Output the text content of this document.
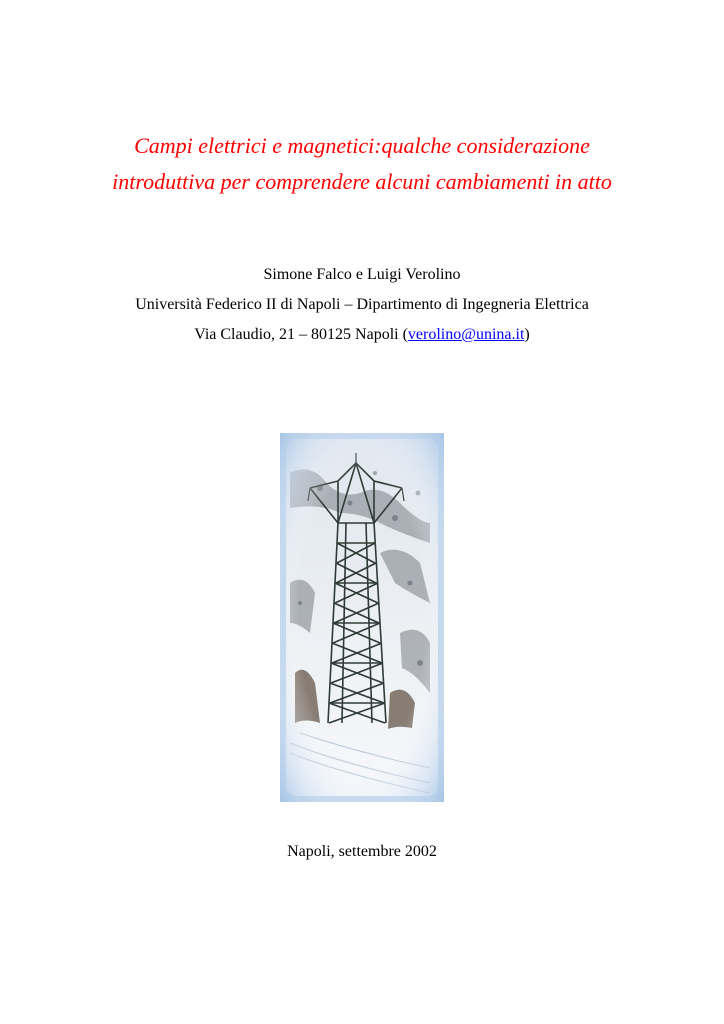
Campi elettrici e magnetici:qualche considerazione
introduttiva per comprendere alcuni cambiamenti in atto
Simone Falco e Luigi Verolino
Università Federico II di Napoli – Dipartimento di Ingegneria Elettrica
Via Claudio, 21 – 80125 Napoli (verolino@unina.it)
Napoli, settembre 2002
